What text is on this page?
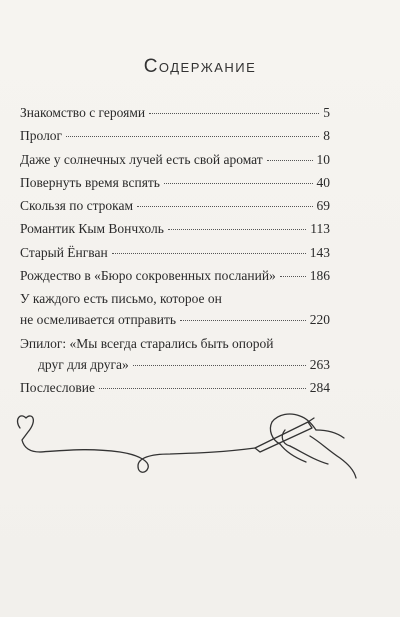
Содержание
Знакомство с героями	5
Пролог	8
Даже у солнечных лучей есть свой аромат	10
Повернуть время вспять	40
Скользя по строкам	69
Романтик Кым Вончхоль	113
Старый Ёнгван	143
Рождество в «Бюро сокровенных посланий»	186
У каждого есть письмо, которое он
не осмеливается отправить	220
Эпилог: «Мы всегда старались быть опорой
друг для друга»	263
Послесловие	284
